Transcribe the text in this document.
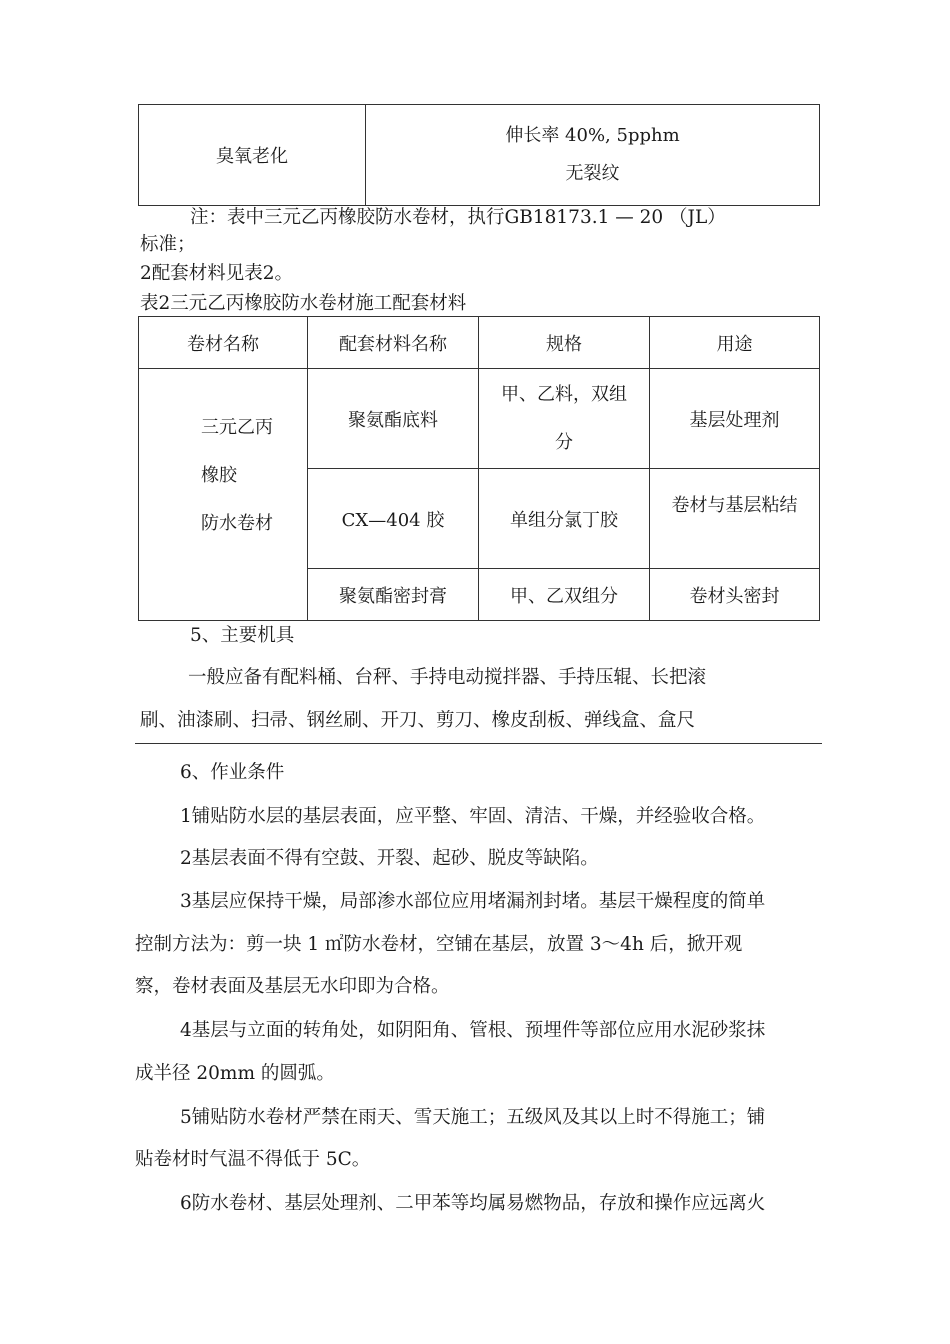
臭氧老化	
伸长率 40%, 5pphm
无裂纹
注：表中三元乙丙橡胶防水卷材，执行GB18173.1 — 20 （JL）
标准；
2配套材料见表2。
表2三元乙丙橡胶防水卷材施工配套材料
卷材名称	配套材料名称	规格	用途

三元乙丙
橡胶
防水卷材	聚氨酯底料	甲、乙料，双组
分	基层处理剂
	CX—404 胶	单组分氯丁胶	卷材与基层粘结
	聚氨酯密封膏	甲、乙双组分	卷材头密封
5、主要机具
一般应备有配料桶、台秤、手持电动搅拌器、手持压辊、长把滚
刷、油漆刷、扫帚、钢丝刷、开刀、剪刀、橡皮刮板、弹线盒、盒尺
6、作业条件
1铺贴防水层的基层表面，应平整、牢固、清洁、干燥，并经验收合格。
2基层表面不得有空鼓、开裂、起砂、脱皮等缺陷。
3基层应保持干燥，局部渗水部位应用堵漏剂封堵。基层干燥程度的简单
控制方法为：剪一块 1 ㎡防水卷材，空铺在基层，放置 3〜4h 后，掀开观
察，卷材表面及基层无水印即为合格。
4基层与立面的转角处，如阴阳角、管根、预埋件等部位应用水泥砂浆抹
成半径 20mm 的圆弧。
5铺贴防水卷材严禁在雨天、雪天施工；五级风及其以上时不得施工；铺
贴卷材时气温不得低于 5C。
6防水卷材、基层处理剂、二甲苯等均属易燃物品，存放和操作应远离火
